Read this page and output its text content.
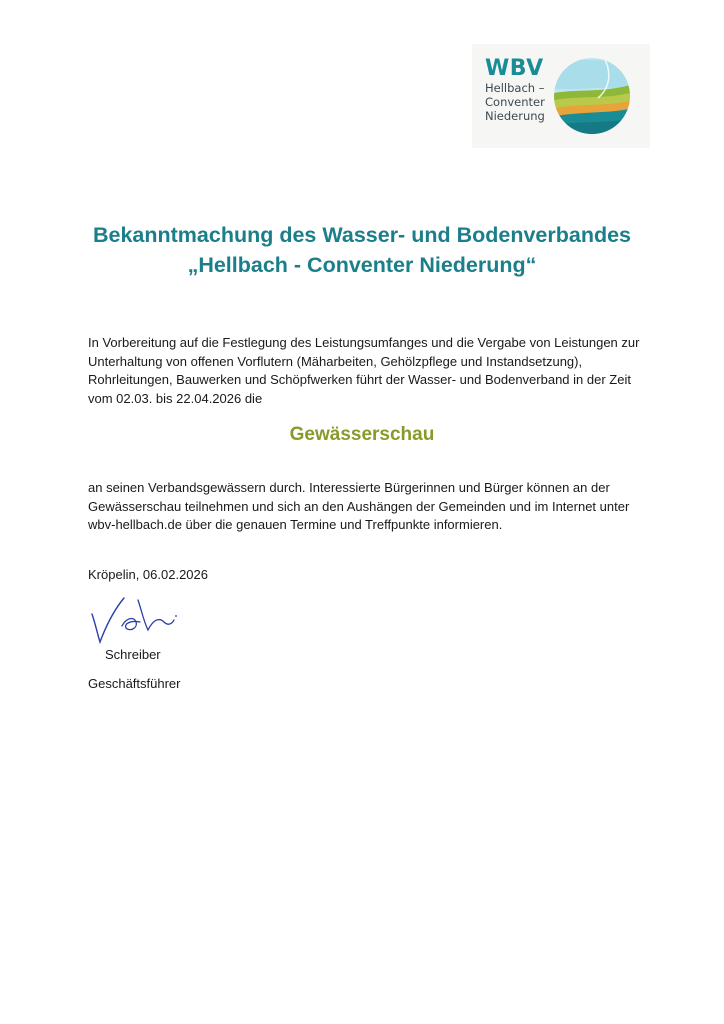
WBV
Hellbach –
Conventer
Niederung
Bekanntmachung des Wasser- und Bodenverbandes
„Hellbach - Conventer Niederung“
In Vorbereitung auf die Festlegung des Leistungsumfanges und die Vergabe von Leistungen zur Unterhaltung von offenen Vorflutern (Mäharbeiten, Gehölzpflege und Instandsetzung), Rohrleitungen, Bauwerken und Schöpfwerken führt der Wasser- und Bodenverband in der Zeit vom 02.03. bis 22.04.2026 die
Gewässerschau
an seinen Verbandsgewässern durch. Interessierte Bürgerinnen und Bürger können an der Gewässerschau teilnehmen und sich an den Aushängen der Gemeinden und im Internet unter wbv-hellbach.de über die genauen Termine und Treffpunkte informieren.
Kröpelin, 06.02.2026
Schreiber
Geschäftsführer
